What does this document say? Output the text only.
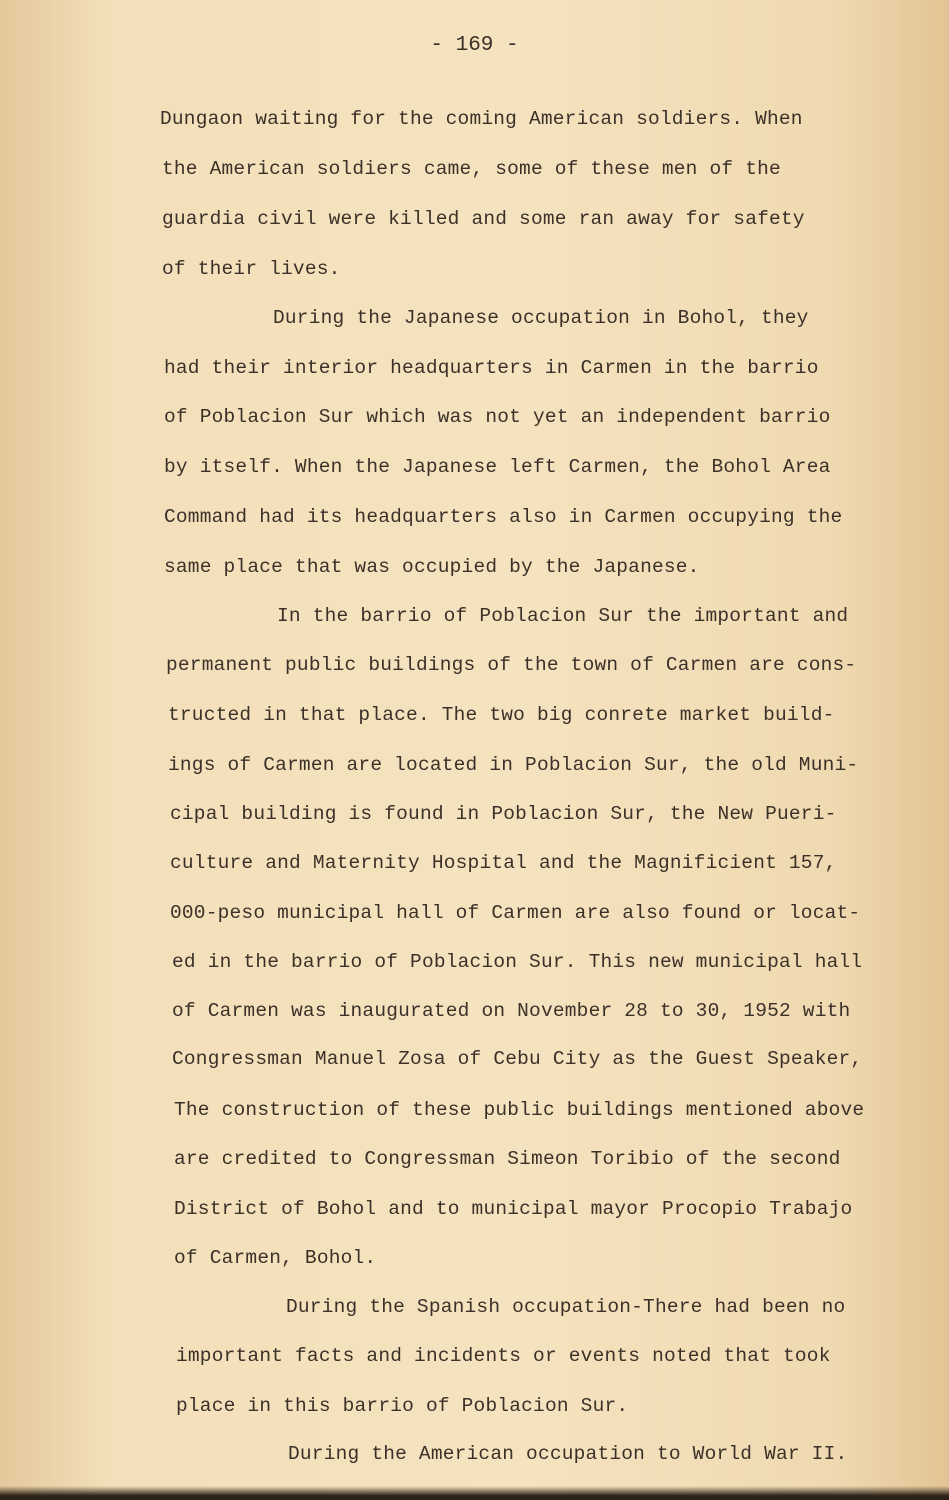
- 169 -
Dungaon waiting for the coming American soldiers. When
the American soldiers came, some of these men of the
guardia civil were killed and some ran away for safety
of their lives.
During the Japanese occupation in Bohol, they
had their interior headquarters in Carmen in the barrio
of Poblacion Sur which was not yet an independent barrio
by itself. When the Japanese left Carmen, the Bohol Area
Command had its headquarters also in Carmen occupying the
same place that was occupied by the Japanese.
In the barrio of Poblacion Sur the important and
permanent public buildings of the town of Carmen are cons-
tructed in that place. The two big conrete market build-
ings of Carmen are located in Poblacion Sur, the old Muni-
cipal building is found in Poblacion Sur, the New Pueri-
culture and Maternity Hospital and the Magnificient 157,
000-peso municipal hall of Carmen are also found or locat-
ed in the barrio of Poblacion Sur. This new municipal hall
of Carmen was inaugurated on November 28 to 30, 1952 with
Congressman Manuel Zosa of Cebu City as the Guest Speaker,
The construction of these public buildings mentioned above
are credited to Congressman Simeon Toribio of the second
District of Bohol and to municipal mayor Procopio Trabajo
of Carmen, Bohol.
During the Spanish occupation-There had been no
important facts and incidents or events noted that took
place in this barrio of Poblacion Sur.
During the American occupation to World War II.
